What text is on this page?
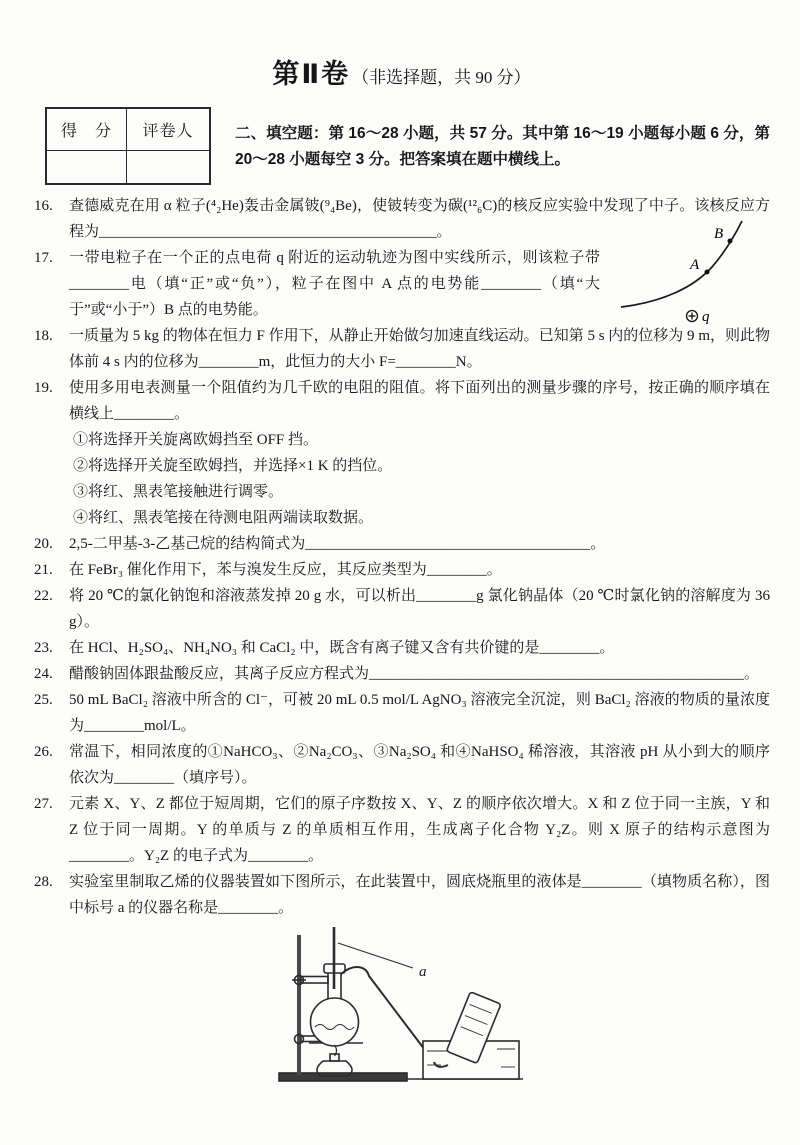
第Ⅱ卷 （非选择题，共 90 分）
得　分	评卷人	二、填空题：第 16～28 小题，共 57 分。其中第 16～19 小题每小题 6 分，第 20～28 小题每空 3 分。把答案填在题中横线上。
16. 查德威克在用 α 粒子(⁴₂He)轰击金属铍(⁹₄Be)，使铍转变为碳(¹²₆C)的核反应实验中发现了中子。该核反应方程为_____________________________________________。
17. 一带电粒子在一个正的点电荷 q 附近的运动轨迹为图中实线所示，则该粒子带________电（填“正”或“负”），粒子在图中 A 点的电势能________（填“大于”或“小于”）B 点的电势能。
A
B
q
18. 一质量为 5 kg 的物体在恒力 F 作用下，从静止开始做匀加速直线运动。已知第 5 s 内的位移为 9 m，则此物体前 4 s 内的位移为________m，此恒力的大小 F=________N。
19. 使用多用电表测量一个阻值约为几千欧的电阻的阻值。将下面列出的测量步骤的序号，按正确的顺序填在横线上________。
①将选择开关旋离欧姆挡至 OFF 挡。
②将选择开关旋至欧姆挡，并选择×1 K 的挡位。
③将红、黑表笔接触进行调零。
④将红、黑表笔接在待测电阻两端读取数据。
20. 2,5-二甲基-3-乙基己烷的结构简式为______________________________________。
21. 在 FeBr₃ 催化作用下，苯与溴发生反应，其反应类型为________。
22. 将 20 ℃的氯化钠饱和溶液蒸发掉 20 g 水，可以析出________g 氯化钠晶体（20 ℃时氯化钠的溶解度为 36 g）。
23. 在 HCl、H₂SO₄、NH₄NO₃ 和 CaCl₂ 中，既含有离子键又含有共价键的是________。
24. 醋酸钠固体跟盐酸反应，其离子反应方程式为__________________________________________________。
25. 50 mL BaCl₂ 溶液中所含的 Cl⁻，可被 20 mL 0.5 mol/L AgNO₃ 溶液完全沉淀，则 BaCl₂ 溶液的物质的量浓度为________mol/L。
26. 常温下，相同浓度的①NaHCO₃、②Na₂CO₃、③Na₂SO₄ 和④NaHSO₄ 稀溶液，其溶液 pH 从小到大的顺序依次为________（填序号）。
27. 元素 X、Y、Z 都位于短周期，它们的原子序数按 X、Y、Z 的顺序依次增大。X 和 Z 位于同一主族，Y 和 Z 位于同一周期。Y 的单质与 Z 的单质相互作用，生成离子化合物 Y₂Z。则 X 原子的结构示意图为________。Y₂Z 的电子式为________。
28. 实验室里制取乙烯的仪器装置如下图所示，在此装置中，圆底烧瓶里的液体是________（填物质名称），图中标号 a 的仪器名称是________。
a
